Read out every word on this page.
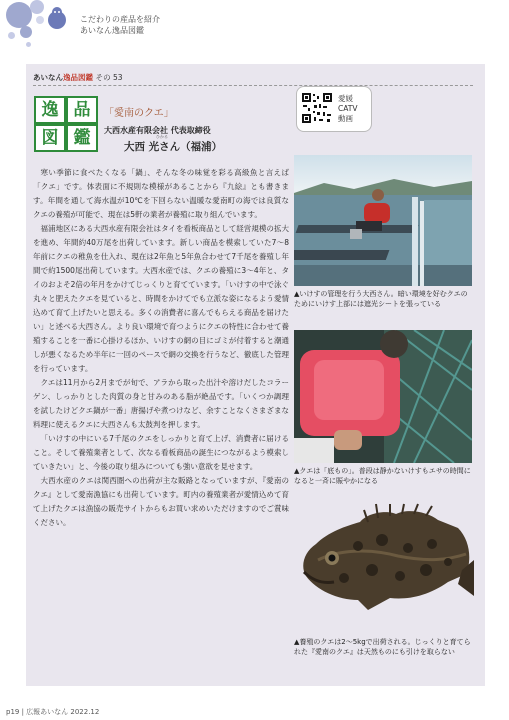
こだわりの産品を紹介
あいなん逸品図鑑
あいなん逸品図鑑 その 53
逸 品
図 鑑
「愛南のクエ」
大西水産有限会社 代表取締役
ひかる
大西 光さん（福浦）
愛媛
CATV
動画

寒い季節に食べたくなる「鍋」、そんな冬の味覚を彩る高級魚と言えば「クエ」です。体表面に不規則な模様があることから『九絵』とも書きます。年間を通して海水温が10℃を下回らない温暖な愛南町の海では良質なクエの養殖が可能で、現在は5軒の業者が養殖に取り組んでいます。

福浦地区にある大西水産有限会社はタイを看板商品として経営規模の拡大を進め、年間約40万尾を出荷しています。新しい商品を模索していた7～8年前にクエの稚魚を仕入れ、現在は2年魚と5年魚合わせて7千尾を養殖し年間で約1500尾出荷しています。大西水産では、クエの養殖に3～4年と、タイのおよそ2倍の年月をかけてじっくりと育てています。「いけすの中で泳ぐ丸々と肥えたクエを見ていると、時間をかけてでも立派な姿になるよう愛情込めて育て上げたいと思える。多くの消費者に喜んでもらえる商品を届けたい」と述べる大西さん。より良い環境で育つようにクエの特性に合わせて養殖することを一番に心掛けるほか、いけすの網の目にゴミが付着すると潮通しが悪くなるため半年に一回のペースで網の交換を行うなど、徹底した管理を行っています。

クエは11月から2月までが旬で、アラから取った出汁や溶けだしたコラーゲン、しっかりとした肉質の身と甘みのある脂が絶品です。「いくつか調理を試したけどクエ鍋が一番」唐揚げや煮つけなど、余すことなくさまざまな料理に使えるクエに大西さんも太鼓判を押します。

「いけすの中にいる7千尾のクエをしっかりと育て上げ、消費者に届けること。そして養殖業者として、次なる看板商品の誕生につながるよう模索していきたい」と、今後の取り組みについても強い意欲を見せます。

大西水産のクエは関西圏への出荷が主な販路となっていますが、『愛南のクエ』として愛南漁協にも出荷しています。町内の養殖業者が愛情込めて育て上げたクエは漁協の販売サイトからもお買い求めいただけますのでご賞味ください。

▲いけすの管理を行う大西さん。暗い環境を好むクエのためにいけす上部には遮光シートを張っている
▲クエは「底もの」。普段は静かないけすもエサの時間になると一斉に賑やかになる
▲養殖のクエは2～5kgで出荷される。じっくりと育てられた『愛南のクエ』は天然ものにも引けを取らない
p19 | 広報あいなん 2022.12
